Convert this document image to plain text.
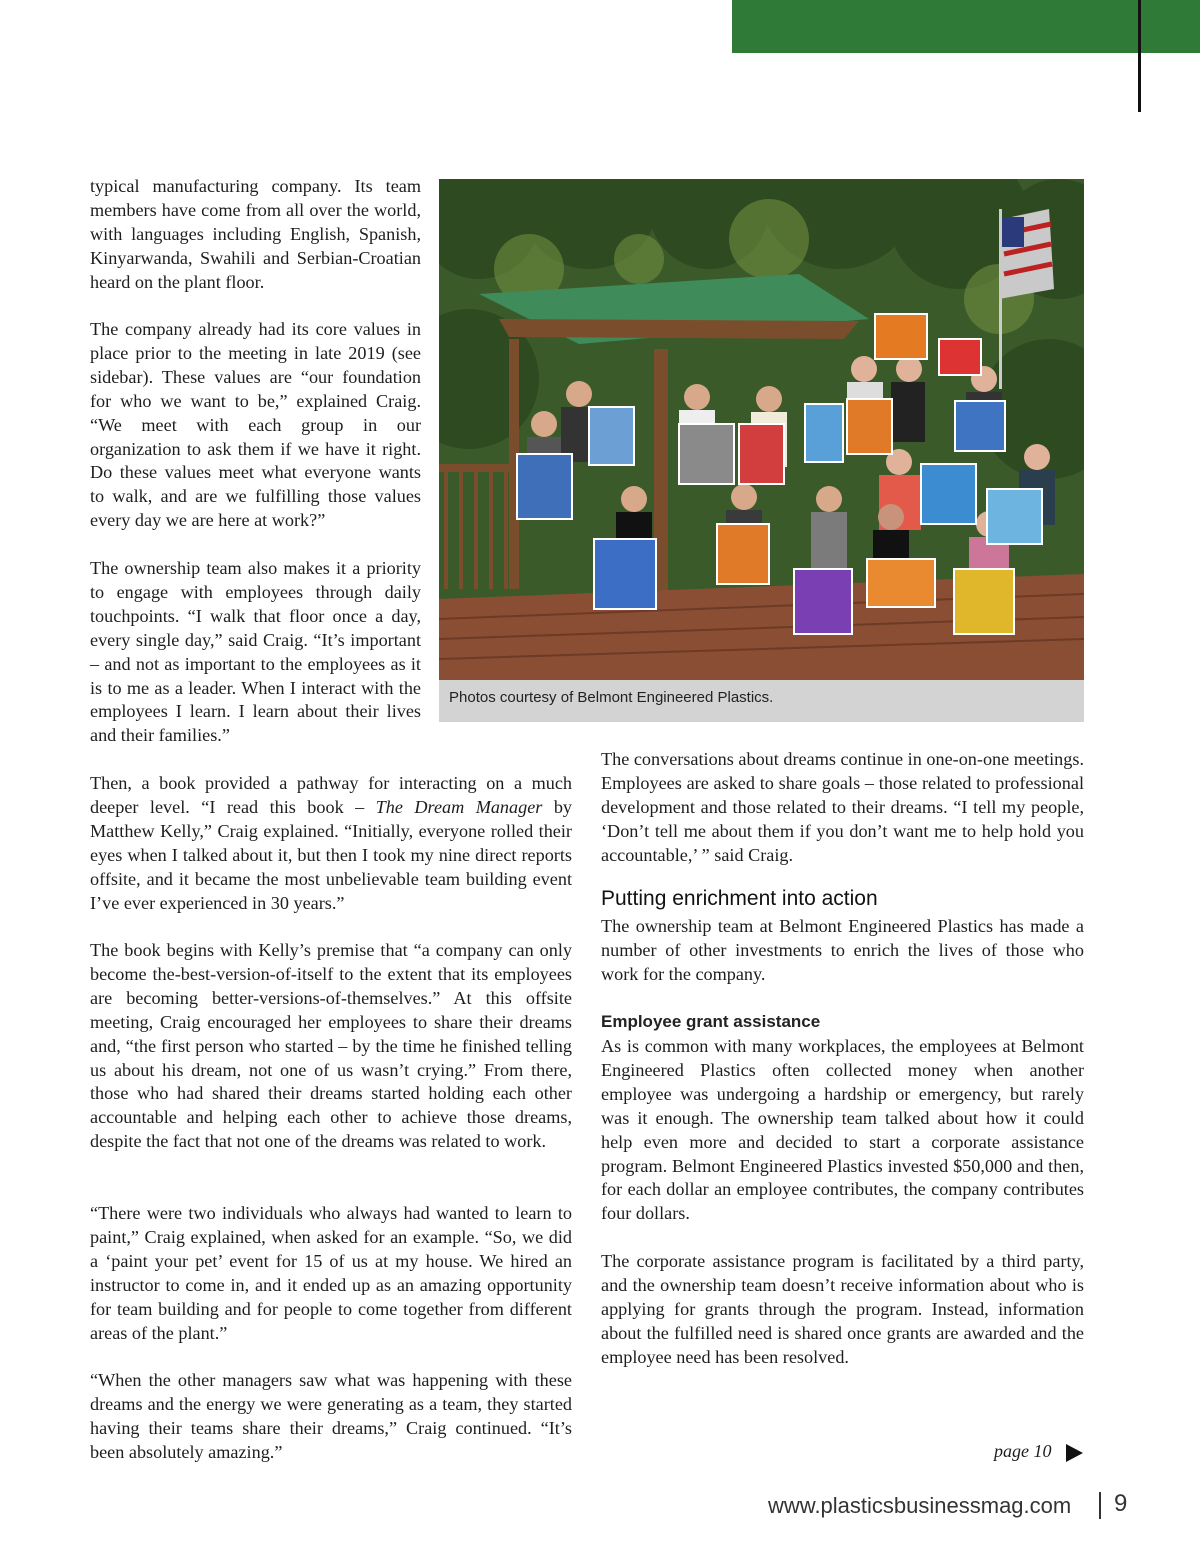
typical manufacturing company. Its team members have come from all over the world, with languages including English, Spanish, Kinyarwanda, Swahili and Serbian-Croatian heard on the plant floor.

The company already had its core values in place prior to the meeting in late 2019 (see sidebar). These values are “our foundation for who we want to be,” explained Craig. “We meet with each group in our organization to ask them if we have it right. Do these values meet what everyone wants to walk, and are we fulfilling those values every day we are here at work?”

The ownership team also makes it a priority to engage with employees through daily touchpoints. “I walk that floor once a day, every single day,” said Craig. “It’s important – and not as important to the employees as it is to me as a leader. When I interact with the employees I learn. I learn about their lives and their families.”

Photos courtesy of Belmont Engineered Plastics.

Then, a book provided a pathway for interacting on a much deeper level. “I read this book – The Dream Manager by Matthew Kelly,” Craig explained. “Initially, everyone rolled their eyes when I talked about it, but then I took my nine direct reports offsite, and it became the most unbelievable team building event I’ve ever experienced in 30 years.”

The book begins with Kelly’s premise that “a company can only become the-best-version-of-itself to the extent that its employees are becoming better-versions-of-themselves.” At this offsite meeting, Craig encouraged her employees to share their dreams and, “the first person who started – by the time he finished telling us about his dream, not one of us wasn’t crying.” From there, those who had shared their dreams started holding each other accountable and helping each other to achieve those dreams, despite the fact that not one of the dreams was related to work.

“There were two individuals who always had wanted to learn to paint,” Craig explained, when asked for an example. “So, we did a ‘paint your pet’ event for 15 of us at my house. We hired an instructor to come in, and it ended up as an amazing opportunity for team building and for people to come together from different areas of the plant.”

“When the other managers saw what was happening with these dreams and the energy we were generating as a team, they started having their teams share their dreams,” Craig continued. “It’s been absolutely amazing.”

The conversations about dreams continue in one-on-one meetings. Employees are asked to share goals – those related to professional development and those related to their dreams. “I tell my people, ‘Don’t tell me about them if you don’t want me to help hold you accountable,’ ” said Craig.

Putting enrichment into action

The ownership team at Belmont Engineered Plastics has made a number of other investments to enrich the lives of those who work for the company.

Employee grant assistance

As is common with many workplaces, the employees at Belmont Engineered Plastics often collected money when another employee was undergoing a hardship or emergency, but rarely was it enough. The ownership team talked about how it could help even more and decided to start a corporate assistance program. Belmont Engineered Plastics invested $50,000 and then, for each dollar an employee contributes, the company contributes four dollars.

The corporate assistance program is facilitated by a third party, and the ownership team doesn’t receive information about who is applying for grants through the program. Instead, information about the fulfilled need is shared once grants are awarded and the employee need has been resolved.

page 10
www.plasticsbusinessmag.com 9
